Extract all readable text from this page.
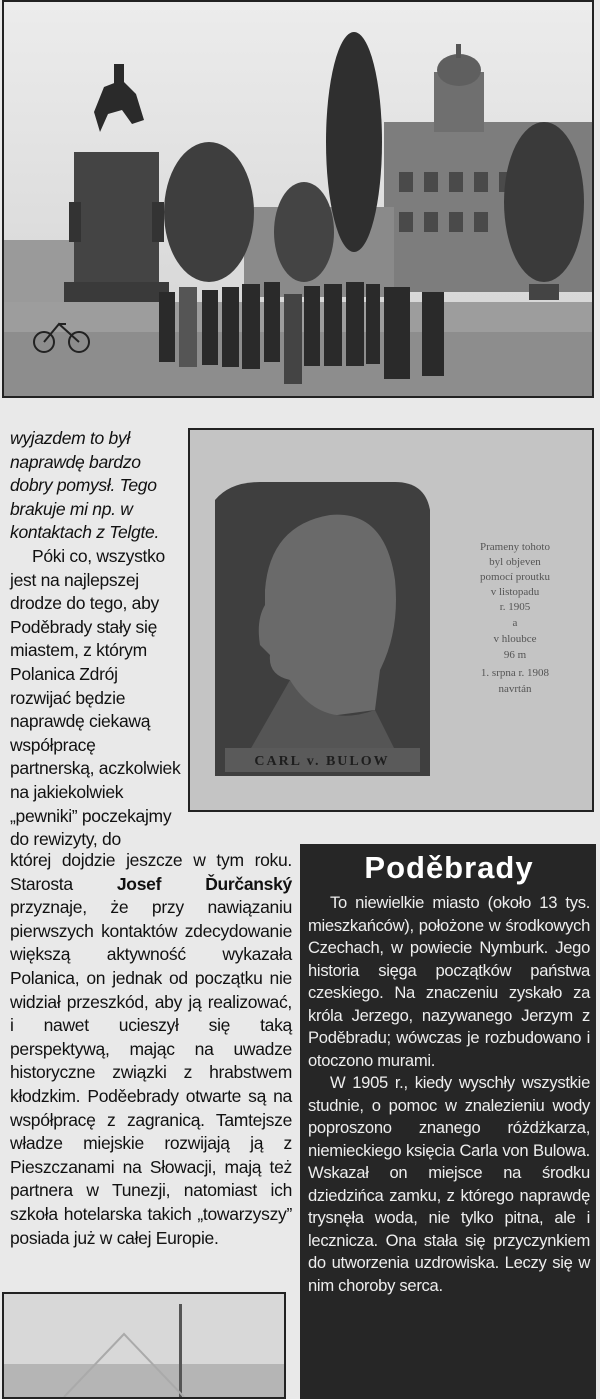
wyjazdem to był naprawdę bardzo dobry pomysł. Tego brakuje mi np. w kontaktach z Telgte.

Póki co, wszystko jest na najlepszej drodze do tego, aby Poděbrady stały się miastem, z którym Polanica Zdrój rozwijać będzie naprawdę ciekawą współpracę partnerską, aczkolwiek na jakiekolwiek „pewniki” poczekajmy do rewizyty, do

CARL v. BULOW
Prameny tohoto
byl objeven
pomocí proutku
v listopadu
r. 1905
a
v hloubce
96 m
1. srpna r. 1908
navrtán

której dojdzie jeszcze w tym roku. Starosta Josef Ďurčanský przyznaje, że przy nawiązaniu pierwszych kontaktów zdecydowanie większą aktywność wykazała Polanica, on jednak od początku nie widział przeszkód, aby ją realizować, i nawet ucieszył się taką perspektywą, mając na uwadze historyczne związki z hrabstwem kłodzkim. Poděebrady otwarte są na współpracę z zagranicą. Tamtejsze władze miejskie rozwijają ją z Pieszczanami na Słowacji, mają też partnera w Tunezji, natomiast ich szkoła hotelarska takich „towarzyszy” posiada już w całej Europie.

Poděbrady

To niewielkie miasto (około 13 tys. mieszkańców), położone w środkowych Czechach, w powiecie Nymburk. Jego historia sięga początków państwa czeskiego. Na znaczeniu zyskało za króla Jerzego, nazywanego Jerzym z Poděbradu; wówczas je rozbudowano i otoczono murami.

W 1905 r., kiedy wyschły wszystkie studnie, o pomoc w znalezieniu wody poproszono znanego różdżkarza, niemieckiego księcia Carla von Bulowa. Wskazał on miejsce na środku dziedzińca zamku, z którego naprawdę trysnęła woda, nie tylko pitna, ale i lecznicza. Ona stała się przyczynkiem do utworzenia uzdrowiska. Leczy się w nim choroby serca.
